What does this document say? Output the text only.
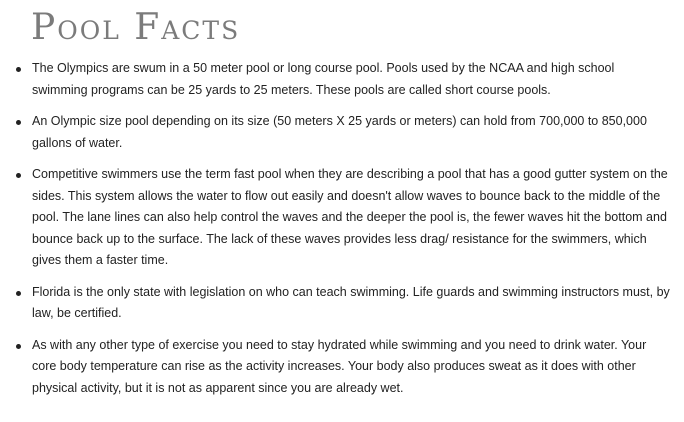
Pool Facts
The Olympics are swum in a 50 meter pool or long course pool. Pools used by the NCAA and high school swimming programs can be 25 yards to 25 meters. These pools are called short course pools.
An Olympic size pool depending on its size (50 meters X 25 yards or meters) can hold from 700,000 to 850,000 gallons of water.
Competitive swimmers use the term fast pool when they are describing a pool that has a good gutter system on the sides. This system allows the water to flow out easily and doesn't allow waves to bounce back to the middle of the pool. The lane lines can also help control the waves and the deeper the pool is, the fewer waves hit the bottom and bounce back up to the surface. The lack of these waves provides less drag/ resistance for the swimmers, which gives them a faster time.
Florida is the only state with legislation on who can teach swimming. Life guards and swimming instructors must, by law, be certified.
As with any other type of exercise you need to stay hydrated while swimming and you need to drink water. Your core body temperature can rise as the activity increases. Your body also produces sweat as it does with other physical activity, but it is not as apparent since you are already wet.
